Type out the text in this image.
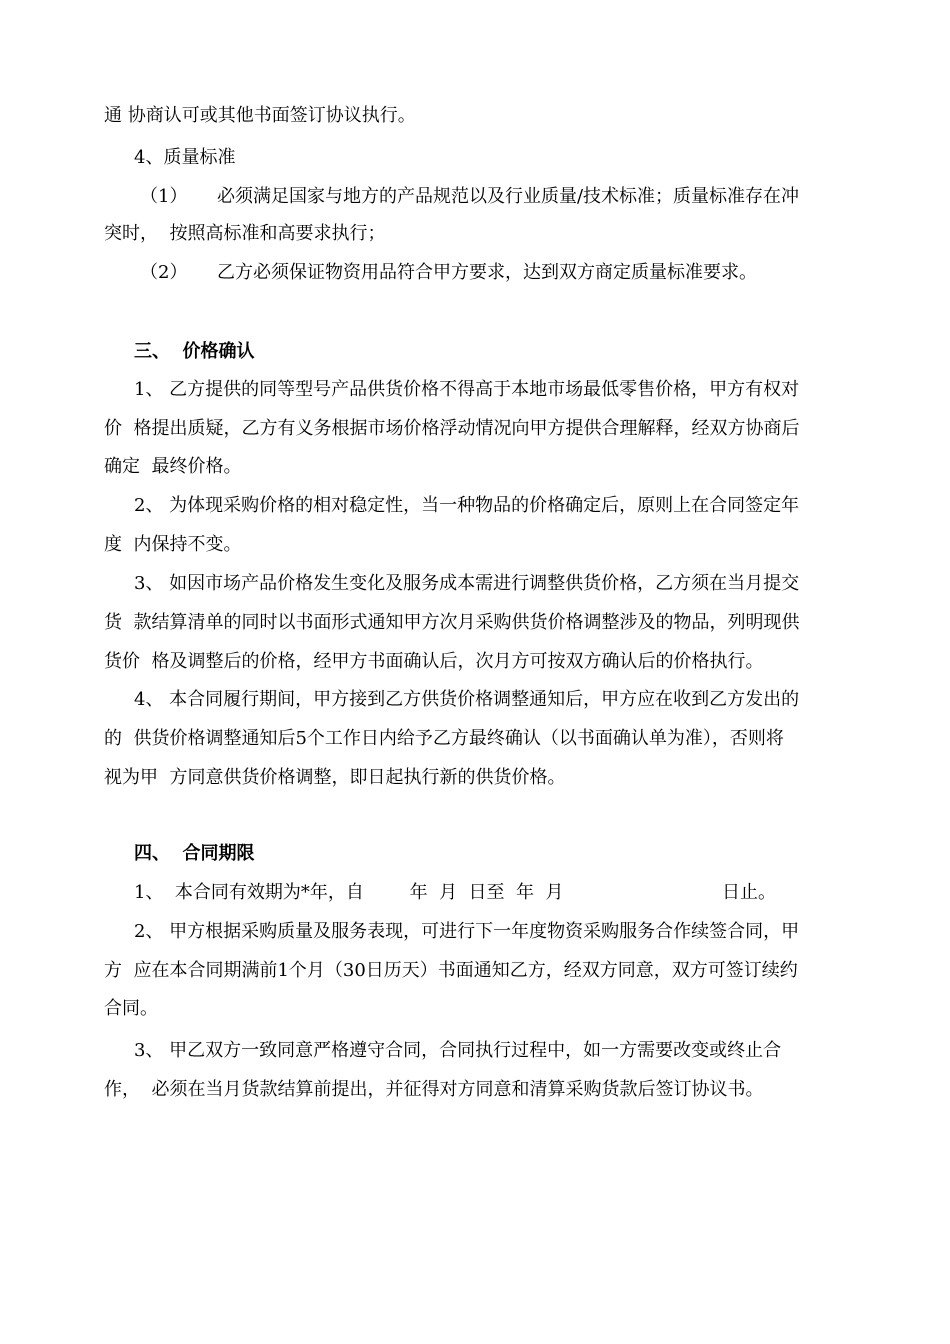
通 协商认可或其他书面签订协议执行。
4、质量标准
（1） 必须满足国家与地方的产品规范以及行业质量/技术标准；质量标准存在冲
突时，  按照高标准和高要求执行；
（2） 乙方必须保证物资用品符合甲方要求，达到双方商定质量标准要求。
三、  价格确认
1、 乙方提供的同等型号产品供货价格不得高于本地市场最低零售价格，甲方有权对
价  格提出质疑，乙方有义务根据市场价格浮动情况向甲方提供合理解释，经双方协商后
确定  最终价格。
2、 为体现采购价格的相对稳定性，当一种物品的价格确定后，原则上在合同签定年
度  内保持不变。
3、 如因市场产品价格发生变化及服务成本需进行调整供货价格，乙方须在当月提交
货  款结算清单的同时以书面形式通知甲方次月采购供货价格调整涉及的物品，列明现供
货价  格及调整后的价格，经甲方书面确认后，次月方可按双方确认后的价格执行。
4、 本合同履行期间，甲方接到乙方供货价格调整通知后，甲方应在收到乙方发出的
的  供货价格调整通知后5个工作日内给予乙方最终确认（以书面确认单为准），否则将
视为甲  方同意供货价格调整，即日起执行新的供货价格。
四、  合同期限
1、  本合同有效期为*年，自        年  月  日至  年  月	日止。
2、 甲方根据采购质量及服务表现，可进行下一年度物资采购服务合作续签合同，甲
方  应在本合同期满前1个月（30日历天）书面通知乙方，经双方同意，双方可签订续约
合同。
3、 甲乙双方一致同意严格遵守合同，合同执行过程中，如一方需要改变或终止合
作，  必须在当月货款结算前提出，并征得对方同意和清算采购货款后签订协议书。
